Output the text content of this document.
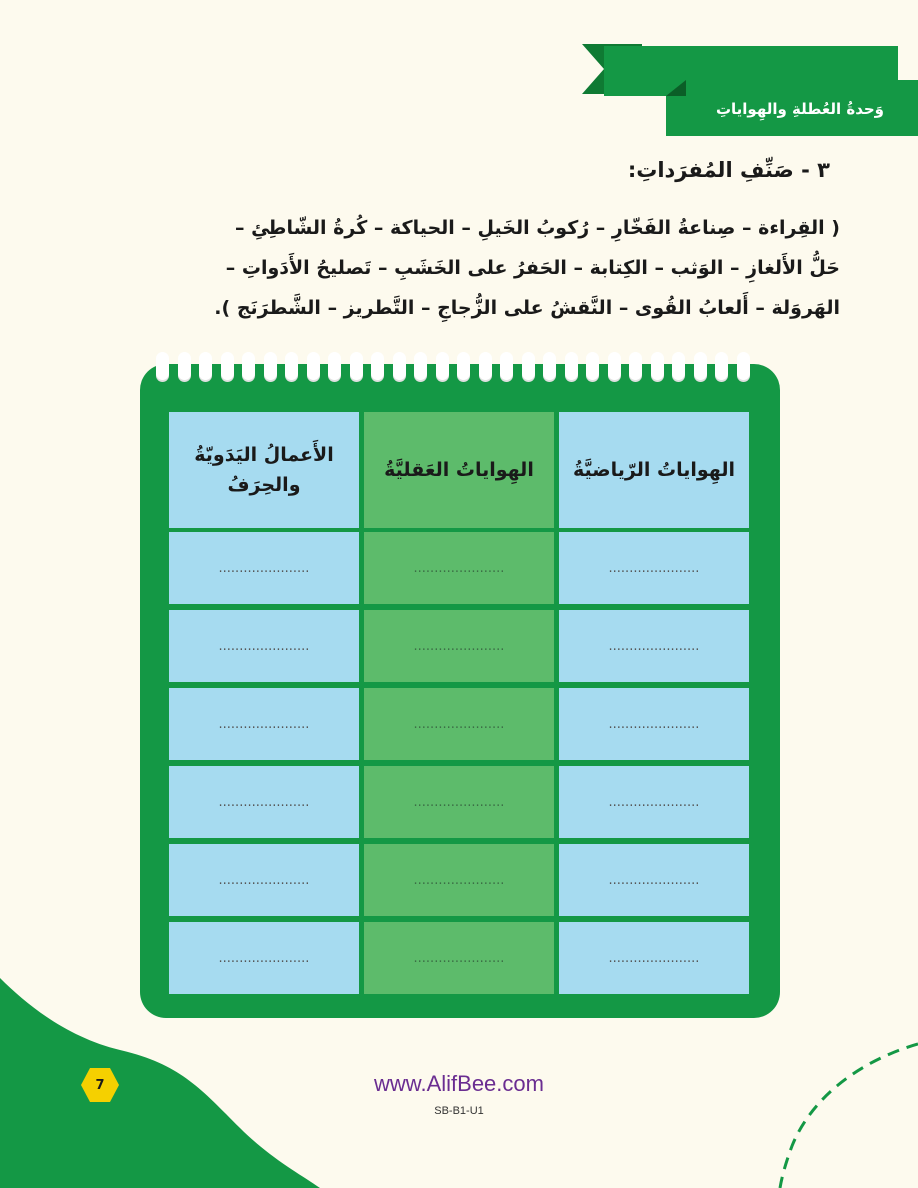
وَحدةُ العُطلةِ والهِواياتِ
٣ - صَنِّفِ المُفرَداتِ:
( القِراءة – صِناعةُ الفَخّارِ – رُكوبُ الخَيلِ – الحياكة – كُرةُ الشّاطِئِ –
حَلُّ الأَلغازِ – الوَثب – الكِتابة – الحَفرُ على الخَشَبِ – تَصليحُ الأَدَواتِ –
الهَروَلة – أَلعابُ القُوى – النَّقشُ على الزُّجاجِ – التَّطريز – الشَّطرَنَج ).
الأَعمالُ اليَدَويّةُ والحِرَفُ
......................
......................
......................
......................
......................
......................
الهِواياتُ العَقليَّةُ
......................
......................
......................
......................
......................
......................
الهِواياتُ الرّياضيَّةُ
......................
......................
......................
......................
......................
......................
7	www.AlifBee.com
SB-B1-U1
